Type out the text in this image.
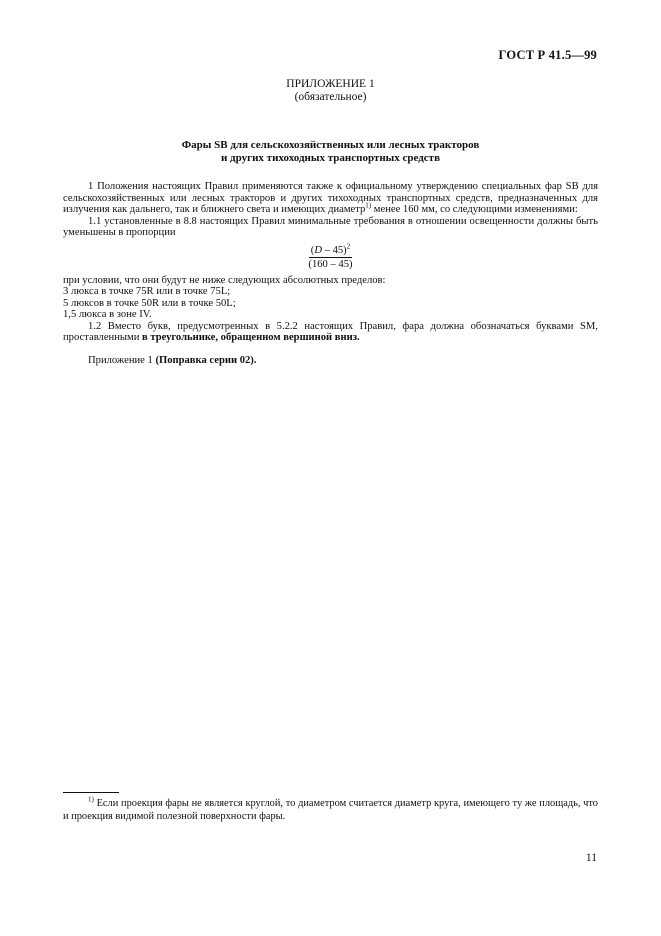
ГОСТ Р 41.5—99
ПРИЛОЖЕНИЕ 1
(обязательное)
Фары SB для сельскохозяйственных или лесных тракторов
и других тихоходных транспортных средств

1 Положения настоящих Правил применяются также к официальному утверждению специальных фар SB для сельскохозяйственных или лесных тракторов и других тихоходных транспортных средств, предназначенных для излучения как дальнего, так и ближнего света и имеющих диаметр$^{1)}$ менее 160 мм, со следующими изменениями:

1.1 установленные в 8.8 настоящих Правил минимальные требования в отношении освещенности должны быть уменьшены в пропорции

$\frac{(D - 45)^2}{(160 - 45)}$

при условии, что они будут не ниже следующих абсолютных пределов:

3 люкса в точке 75R или в точке 75L;

5 люксов в точке 50R или в точке 50L;

1,5 люкса в зоне IV.

1.2 Вместо букв, предусмотренных в 5.2.2 настоящих Правил, фара должна обозначаться буквами SM, проставленными в треугольнике, обращенном вершиной вниз.

Приложение 1 (Поправка серии 02).

$^{1)}$ Если проекция фары не является круглой, то диаметром считается диаметр круга, имеющего ту же площадь, что и проекция видимой полезной поверхности фары.

11
